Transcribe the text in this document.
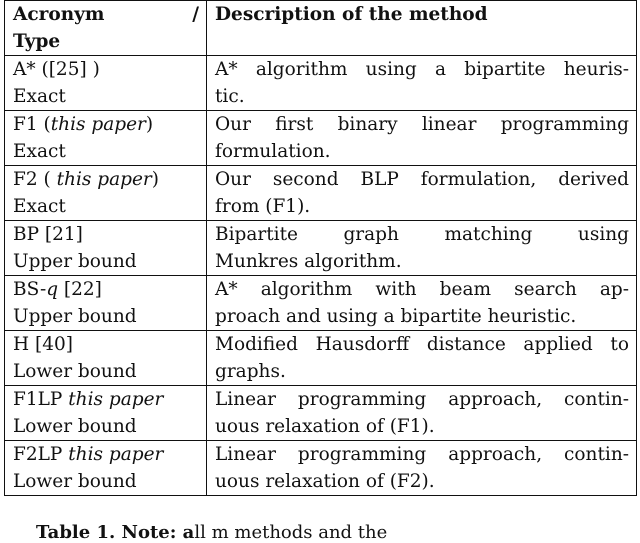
Acronym /
Type	Description of the method

A* ([25] )
Exact	A* algorithm using a bipartite heuris-
tic.

F1 (this paper)
Exact	Our first binary linear programming
formulation.

F2 ( this paper)
Exact	Our second BLP formulation, derived
from (F1).

BP [21]
Upper bound	Bipartite graph matching using
Munkres algorithm.

BS-q [22]
Upper bound	A* algorithm with beam search ap-
proach and using a bipartite heuristic.

H [40]
Lower bound	Modified Hausdorff distance applied to
graphs.

F1LP this paper
Lower bound	Linear programming approach, contin-
uous relaxation of (F1).

F2LP this paper
Lower bound	Linear programming approach, contin-
uous relaxation of (F2).
Table 1. Note: all m methods and the
